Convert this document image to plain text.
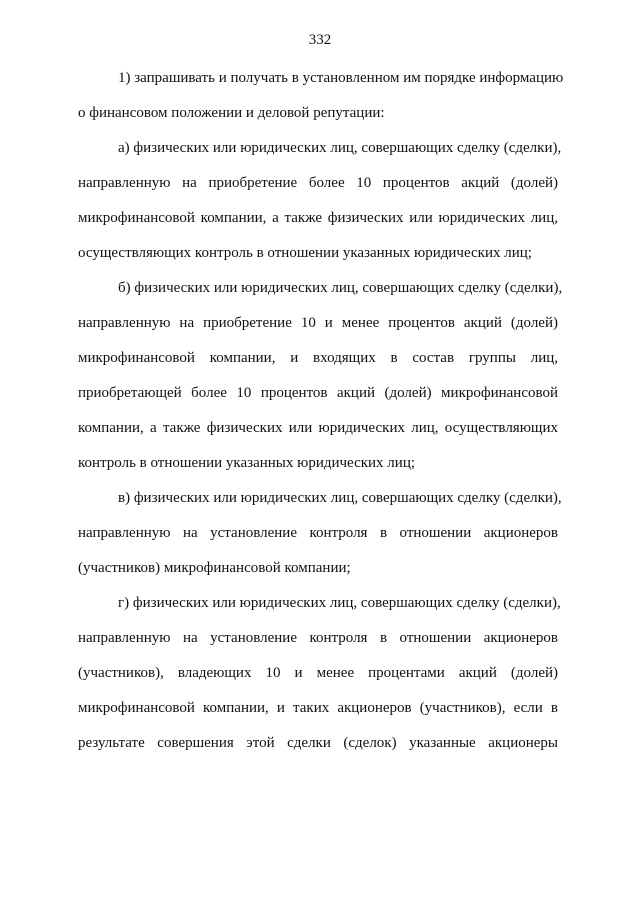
332
1) запрашивать и получать в установленном им порядке информацию
о финансовом положении и деловой репутации:
а) физических или юридических лиц, совершающих сделку (сделки),
направленную на приобретение более 10 процентов акций (долей)
микрофинансовой компании, а также физических или юридических лиц,
осуществляющих контроль в отношении указанных юридических лиц;
б) физических или юридических лиц, совершающих сделку (сделки),
направленную на приобретение 10 и менее процентов акций (долей)
микрофинансовой компании, и входящих в состав группы лиц,
приобретающей более 10 процентов акций (долей) микрофинансовой
компании, а также физических или юридических лиц, осуществляющих
контроль в отношении указанных юридических лиц;
в) физических или юридических лиц, совершающих сделку (сделки),
направленную на установление контроля в отношении акционеров
(участников) микрофинансовой компании;
г) физических или юридических лиц, совершающих сделку (сделки),
направленную на установление контроля в отношении акционеров
(участников), владеющих 10 и менее процентами акций (долей)
микрофинансовой компании, и таких акционеров (участников), если в
результате совершения этой сделки (сделок) указанные акционеры
